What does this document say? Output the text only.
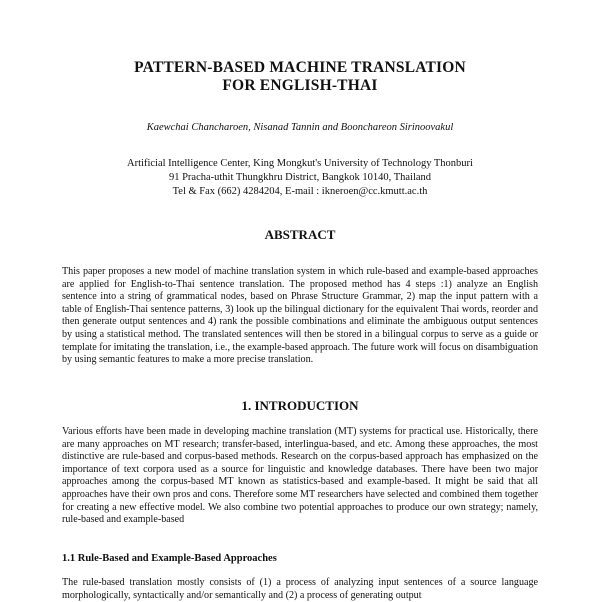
PATTERN-BASED MACHINE TRANSLATION
FOR ENGLISH-THAI
Kaewchai Chancharoen, Nisanad Tannin and Boonchareon Sirinoovakul
Artificial Intelligence Center, King Mongkut's University of Technology Thonburi
91 Pracha-uthit Thungkhru District, Bangkok 10140, Thailand
Tel & Fax (662) 4284204, E-mail : ikneroen@cc.kmutt.ac.th
ABSTRACT

This paper proposes a new model of machine translation system in which rule-based and example-based approaches are applied for English-to-Thai sentence translation. The proposed method has 4 steps :1) analyze an English sentence into a string of grammatical nodes, based on Phrase Structure Grammar, 2) map the input pattern with a table of English-Thai sentence patterns, 3) look up the bilingual dictionary for the equivalent Thai words, reorder and then generate output sentences and 4) rank the possible combinations and eliminate the ambiguous output sentences by using a statistical method. The translated sentences will then be stored in a bilingual corpus to serve as a guide or template for imitating the translation, i.e., the example-based approach. The future work will focus on disambiguation by using semantic features to make a more precise translation.

1. INTRODUCTION

Various efforts have been made in developing machine translation (MT) systems for practical use. Historically, there are many approaches on MT research; transfer-based, interlingua-based, and etc. Among these approaches, the most distinctive are rule-based and corpus-based methods. Research on the corpus-based approach has emphasized on the importance of text corpora used as a source for linguistic and knowledge databases. There have been two major approaches among the corpus-based MT known as statistics-based and example-based. It might be said that all approaches have their own pros and cons. Therefore some MT researchers have selected and combined them together for creating a new effective model. We also combine two potential approaches to produce our own strategy; namely, rule-based and example-based

1.1 Rule-Based and Example-Based Approaches

The rule-based translation mostly consists of (1) a process of analyzing input sentences of a source language morphologically, syntactically and/or semantically and (2) a process of generating output
